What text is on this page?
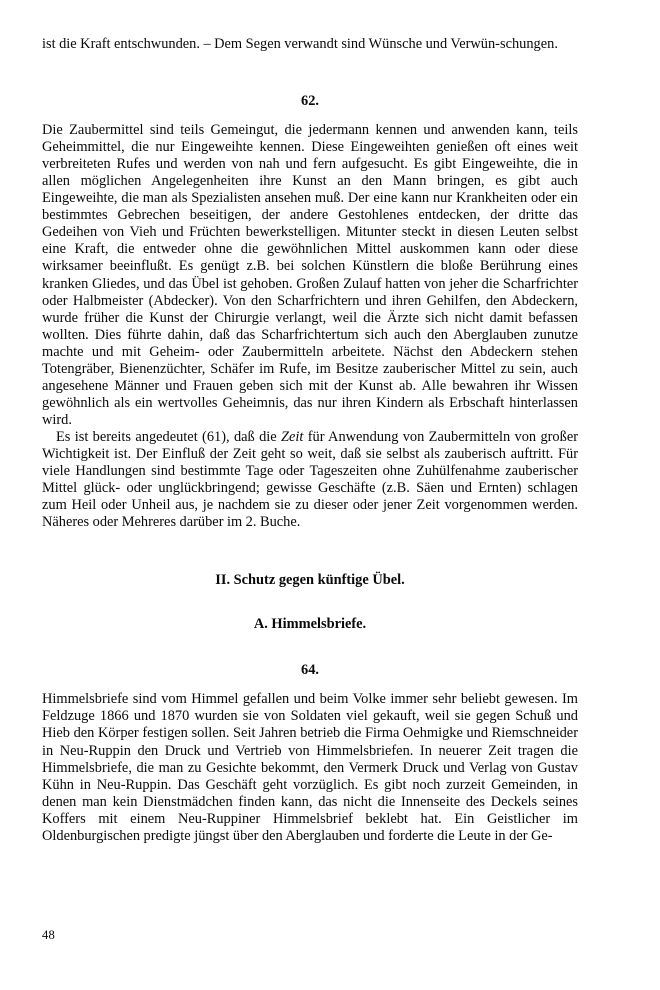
ist die Kraft entschwunden. – Dem Segen verwandt sind Wünsche und Verwün-schungen.

62.

Die Zaubermittel sind teils Gemeingut, die jedermann kennen und anwenden kann, teils Geheimmittel, die nur Eingeweihte kennen. Diese Eingeweihten genießen oft eines weit verbreiteten Rufes und werden von nah und fern aufgesucht. Es gibt Eingeweihte, die in allen möglichen Angelegenheiten ihre Kunst an den Mann bringen, es gibt auch Eingeweihte, die man als Spezialisten ansehen muß. Der eine kann nur Krankheiten oder ein bestimmtes Gebrechen beseitigen, der andere Gestohlenes entdecken, der dritte das Gedeihen von Vieh und Früchten bewerkstelligen. Mitunter steckt in diesen Leuten selbst eine Kraft, die entweder ohne die gewöhnlichen Mittel auskommen kann oder diese wirksamer beeinflußt. Es genügt z.B. bei solchen Künstlern die bloße Berührung eines kranken Gliedes, und das Übel ist gehoben. Großen Zulauf hatten von jeher die Scharfrichter oder Halbmeister (Abdecker). Von den Scharfrichtern und ihren Gehilfen, den Abdeckern, wurde früher die Kunst der Chirurgie verlangt, weil die Ärzte sich nicht damit befassen wollten. Dies führte dahin, daß das Scharfrichtertum sich auch den Aberglauben zunutze machte und mit Geheim- oder Zaubermitteln arbeitete. Nächst den Abdeckern stehen Totengräber, Bienenzüchter, Schäfer im Rufe, im Besitze zauberischer Mittel zu sein, auch angesehene Männer und Frauen geben sich mit der Kunst ab. Alle bewahren ihr Wissen gewöhnlich als ein wertvolles Geheimnis, das nur ihren Kindern als Erbschaft hinterlassen wird.

Es ist bereits angedeutet (61), daß die Zeit für Anwendung von Zaubermitteln von großer Wichtigkeit ist. Der Einfluß der Zeit geht so weit, daß sie selbst als zauberisch auftritt. Für viele Handlungen sind bestimmte Tage oder Tageszeiten ohne Zuhülfenahme zauberischer Mittel glück- oder unglückbringend; gewisse Geschäfte (z.B. Säen und Ernten) schlagen zum Heil oder Unheil aus, je nachdem sie zu dieser oder jener Zeit vorgenommen werden. Näheres oder Mehreres darüber im 2. Buche.

II. Schutz gegen künftige Übel.
A. Himmelsbriefe.
64.

Himmelsbriefe sind vom Himmel gefallen und beim Volke immer sehr beliebt gewesen. Im Feldzuge 1866 und 1870 wurden sie von Soldaten viel gekauft, weil sie gegen Schuß und Hieb den Körper festigen sollen. Seit Jahren betrieb die Firma Oehmigke und Riemschneider in Neu-Ruppin den Druck und Vertrieb von Himmelsbriefen. In neuerer Zeit tragen die Himmelsbriefe, die man zu Gesichte bekommt, den Vermerk Druck und Verlag von Gustav Kühn in Neu-Ruppin. Das Geschäft geht vorzüglich. Es gibt noch zurzeit Gemeinden, in denen man kein Dienstmädchen finden kann, das nicht die Innenseite des Deckels seines Koffers mit einem Neu-Ruppiner Himmelsbrief beklebt hat. Ein Geistlicher im Oldenburgischen predigte jüngst über den Aberglauben und forderte die Leute in der Ge-

48
